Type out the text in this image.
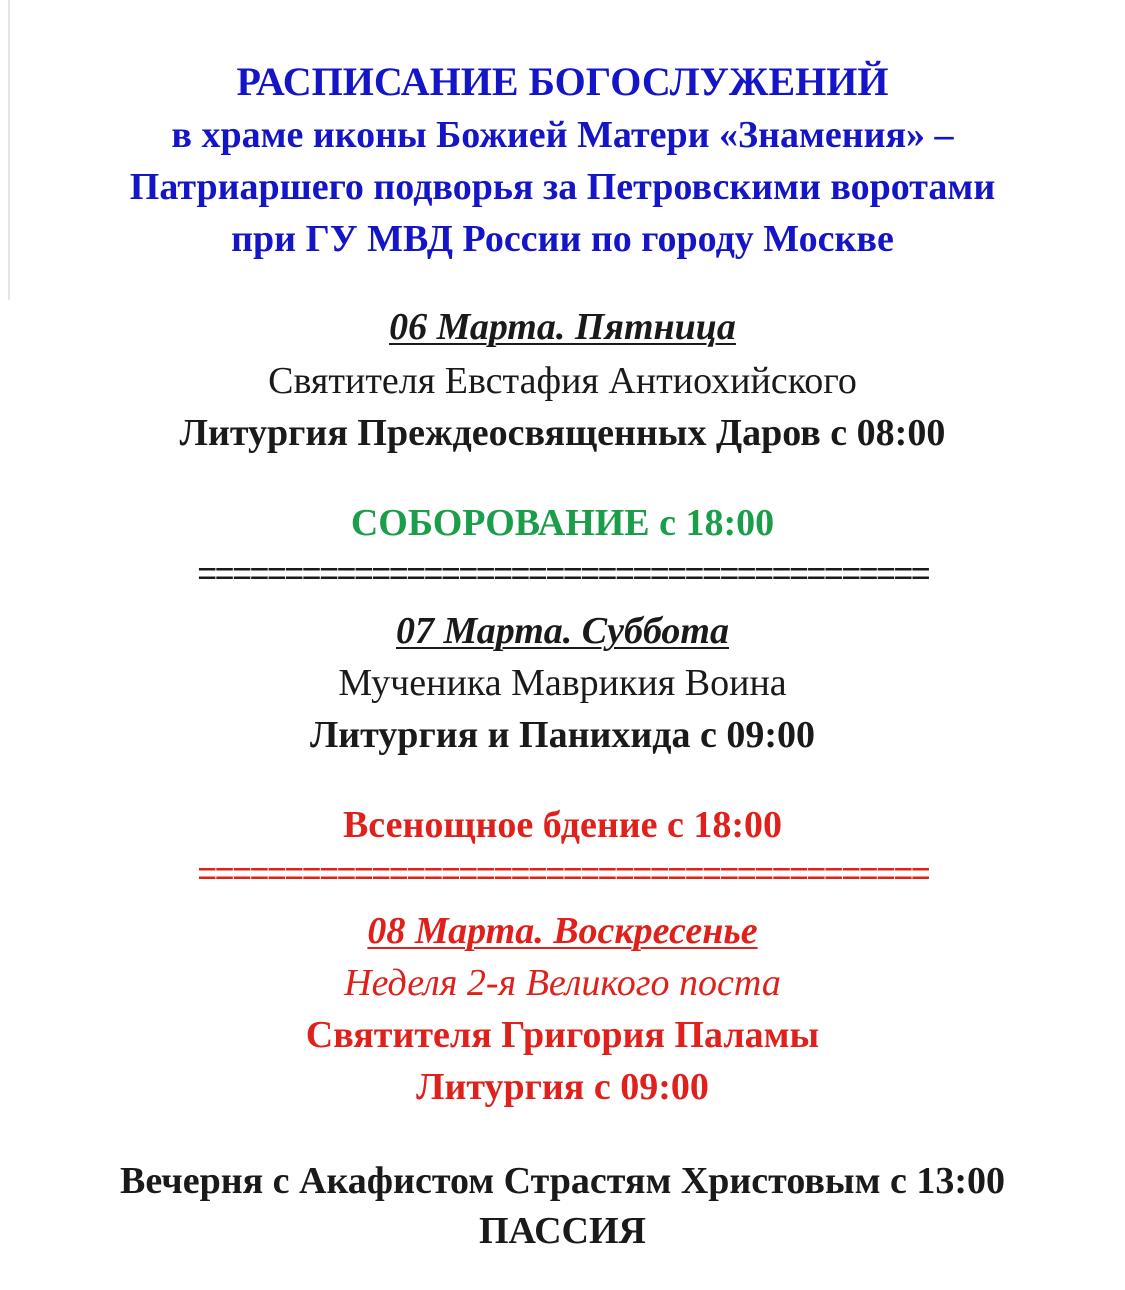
РАСПИСАНИЕ БОГОСЛУЖЕНИЙ
в храме иконы Божией Матери «Знамения» –
Патриаршего подворья за Петровскими воротами
при ГУ МВД России по городу Москве
06 Марта. Пятница
Святителя Евстафия Антиохийского
Литургия Преждеосвященных Даров с 08:00
СОБОРОВАНИЕ с 18:00
==========================================
07 Марта. Суббота
Мученика Маврикия Воина
Литургия и Панихида с 09:00
Всенощное бдение с 18:00
==========================================
08 Марта. Воскресенье
Неделя 2-я Великого поста
Святителя Григория Паламы
Литургия с 09:00
Вечерня с Акафистом Страстям Христовым с 13:00
ПАССИЯ
